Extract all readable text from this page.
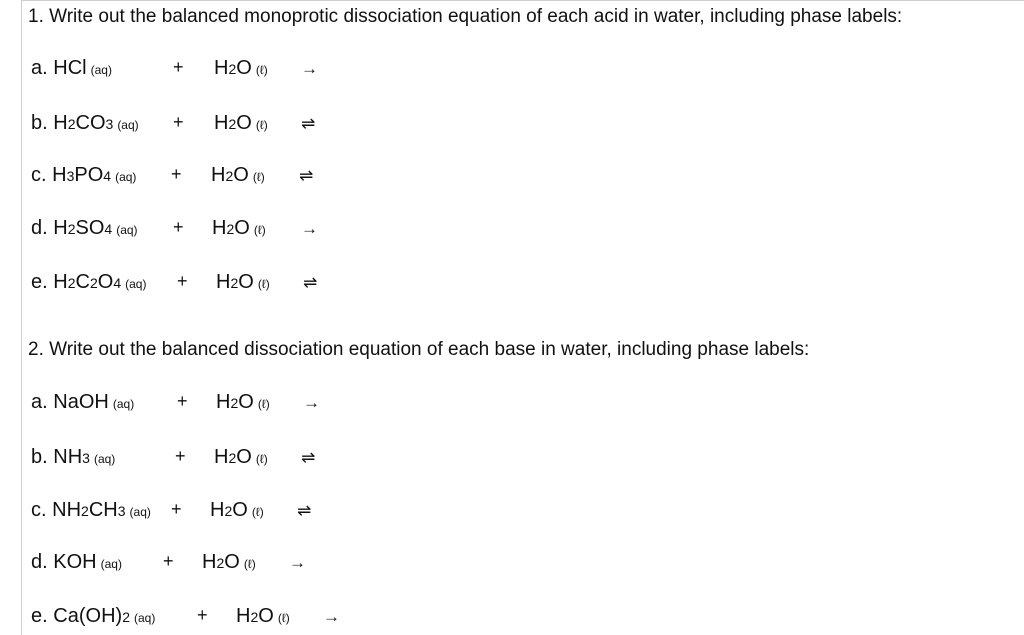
1. Write out the balanced monoprotic dissociation equation of each acid in water, including phase labels:
a. HCl (aq)	+ H2O (ℓ) →
b. H2CO3 (aq) + H2O (ℓ) ⇌
c. H3PO4 (aq) + H2O (ℓ) ⇌
d. H2SO4 (aq) + H2O (ℓ) →
e. H2C2O4 (aq) + H2O (ℓ) ⇌
2. Write out the balanced dissociation equation of each base in water, including phase labels:
a. NaOH (aq) + H2O (ℓ) →
b. NH3 (aq)	+ H2O (ℓ) ⇌
c. NH2CH3 (aq) + H2O (ℓ) ⇌
d. KOH (aq) + H2O (ℓ) →
e. Ca(OH)2 (aq) + H2O (ℓ) →
